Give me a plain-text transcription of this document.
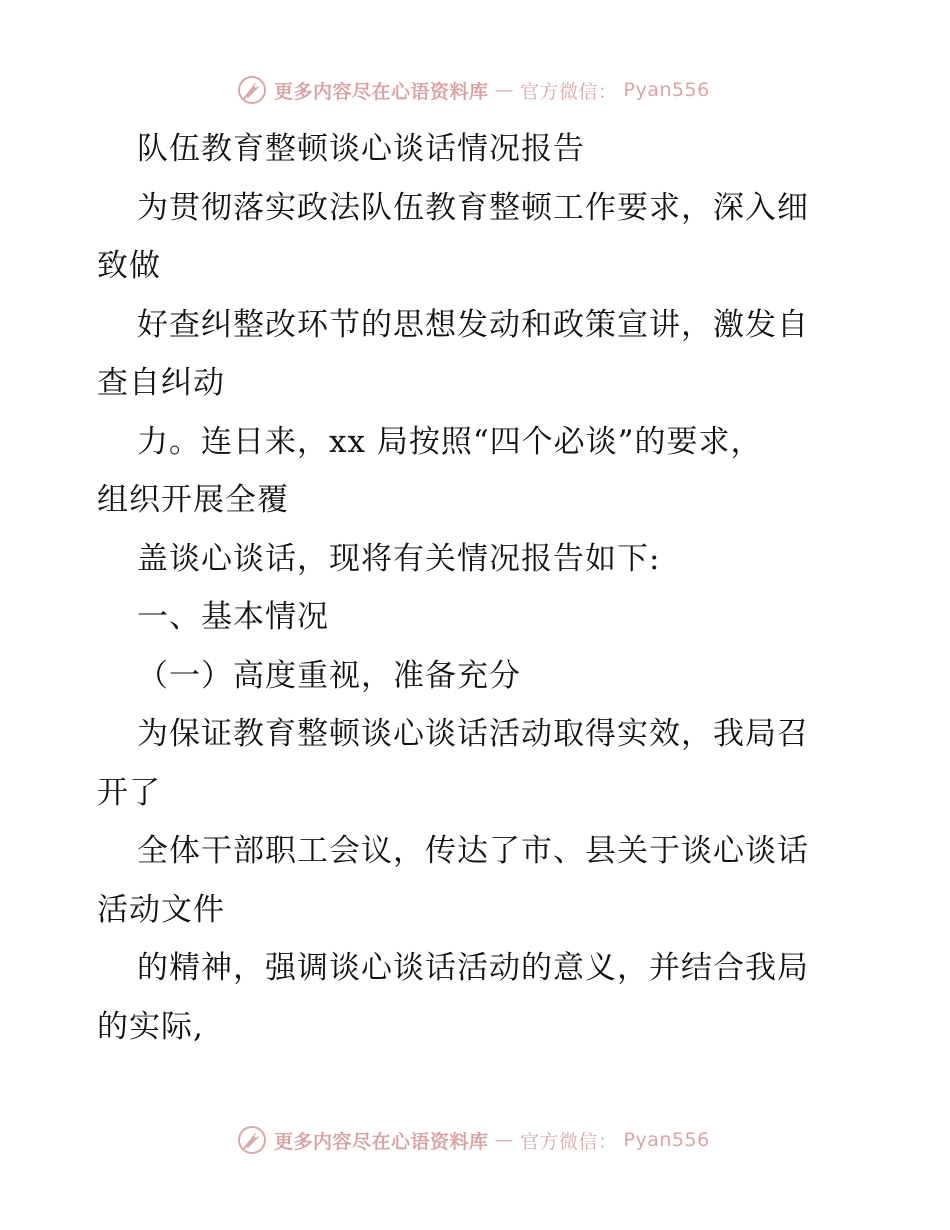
更多内容尽在心语资料库 — 官方微信： Pyan556
队伍教育整顿谈心谈话情况报告
为贯彻落实政法队伍教育整顿工作要求，深入细
致做
好查纠整改环节的思想发动和政策宣讲，激发自
查自纠动
力。连日来，xx 局按照“四个必谈”的要求，
组织开展全覆
盖谈心谈话，现将有关情况报告如下:
一、基本情况
（一）高度重视，准备充分
为保证教育整顿谈心谈话活动取得实效，我局召
开了
全体干部职工会议，传达了市、县关于谈心谈话
活动文件
的精神，强调谈心谈话活动的意义，并结合我局
的实际,
更多内容尽在心语资料库 — 官方微信： Pyan556
